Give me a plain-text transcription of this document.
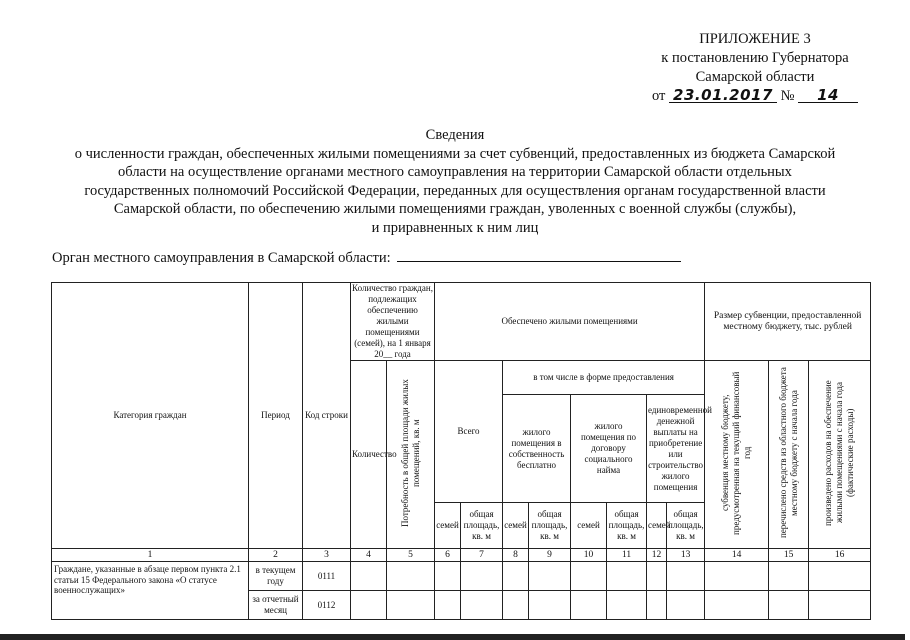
ПРИЛОЖЕНИЕ 3
к постановлению Губернатора
Самарской области
от 23.01.2017 № 14
Сведения
о численности граждан, обеспеченных жилыми помещениями за счет субвенций, предоставленных из бюджета Самарской
области на осуществление органами местного самоуправления на территории Самарской области отдельных
государственных полномочий Российской Федерации, переданных для осуществления органам государственной власти
Самарской области, по обеспечению жилыми помещениями граждан, уволенных с военной службы (службы),
и приравненных к ним лиц
Орган местного самоуправления в Самарской области:
Категория граждан	Период	Код строки	Количество граждан, подлежащих обеспечению жилыми помещениями (семей), на 1 января 20__ года		Обеспечено жилыми помещениями								Размер субвенции, предоставленной местному бюджету, тыс. рублей		
			Количество	Потребность в общей площади жилых помещений, кв. м	Всего		в том числе в форме предоставления						субвенция местному бюджету, предусмотренная на текущий финансовый год	перечислено средств из областного бюджета местному бюджету с начала года	произведено расходов на обеспечение жилыми помещениями с начала года (фактические расходы)
							жилого помещения в собственность бесплатно		жилого помещения по договору социального найма		единовременной денежной выплаты на приобретение или строительство жилого помещения				
					семей	общая площадь, кв. м	семей	общая площадь, кв. м	семей	общая площадь, кв. м	семей	общая площадь, кв. м			
1	2	3	4	5	6	7	8	9	10	11	12	13	14	15	16
Граждане, указанные в абзаце первом пункта 2.1 статьи 15 Федерального закона «О статусе военнослужащих»	в текущем году	0111													
	за отчетный месяц	0112													
